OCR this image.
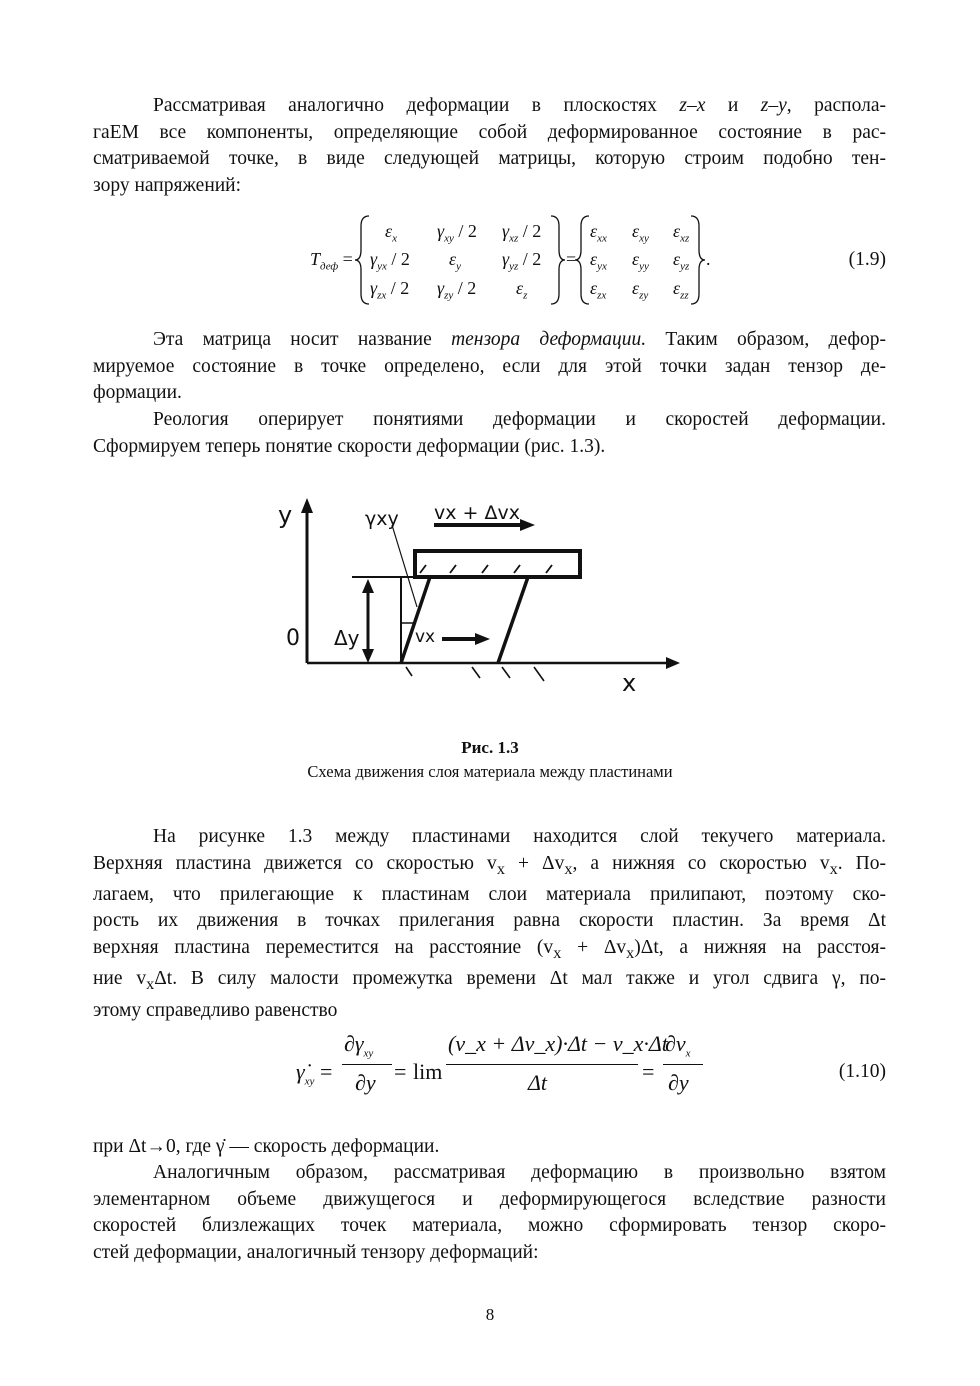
Рассматривая аналогично деформации в плоскостях z–x и z–y, распола-
гаЕМ все компоненты, определяющие собой деформированное состояние в рас-
сматриваемой точке, в виде следующей матрицы, которую строим подобно тен-
зору напряжений:
$T_{деф}$ =	=	.
$\varepsilon_x$ $\gamma_{xy} / 2$ $\gamma_{xz} / 2$
$\gamma_{yx} / 2$ $\varepsilon_y$ $\gamma_{yz} / 2$
$\gamma_{zx} / 2$ $\gamma_{zy} / 2$ $\varepsilon_z$
$\varepsilon_{xx}$ $\varepsilon_{xy}$ $\varepsilon_{xz}$
$\varepsilon_{yx}$ $\varepsilon_{yy}$ $\varepsilon_{yz}$
$\varepsilon_{zx}$ $\varepsilon_{zy}$ $\varepsilon_{zz}$
(1.9)
Эта матрица носит название тензора деформации. Таким образом, дефор-
мируемое состояние в точке определено, если для этой точки задан тензор де-
формации.
Реология оперирует понятиями деформации и скоростей деформации.
Сформируем теперь понятие скорости деформации (рис. 1.3).
y
x
0 Δy
γxy vx + Δvx
vx
Рис. 1.3
Схема движения слоя материала между пластинами
На рисунке 1.3 между пластинами находится слой текучего материала.
Верхняя пластина движется со скоростью $v_x + \Delta v_x$, а нижняя со скоростью $v_x$. По-
лагаем, что прилегающие к пластинам слои материала прилипают, поэтому ско-
рость их движения в точках прилегания равна скорости пластин. За время Δt
верхняя пластина переместится на расстояние $(v_x + \Delta v_x)\Delta t$, а нижняя на расстоя-
ние $v_x\Delta t$. В силу малости промежутка времени Δt мал также и угол сдвига γ, по-
этому справедливо равенство
$\gammȧ_{xy}$ =
$\partial\gamma_{xy}$
∂y = lim
(v_x + Δv_x)·Δt − v_x·Δt
Δt	=
$\partial v_x$
∂y	(1.10)
при Δt→0, где γ̇ — скорость деформации.
Аналогичным образом, рассматривая деформацию в произвольно взятом
элементарном объеме движущегося и деформирующегося вследствие разности
скоростей близлежащих точек материала, можно сформировать тензор скоро-
стей деформации, аналогичный тензору деформаций:
8
